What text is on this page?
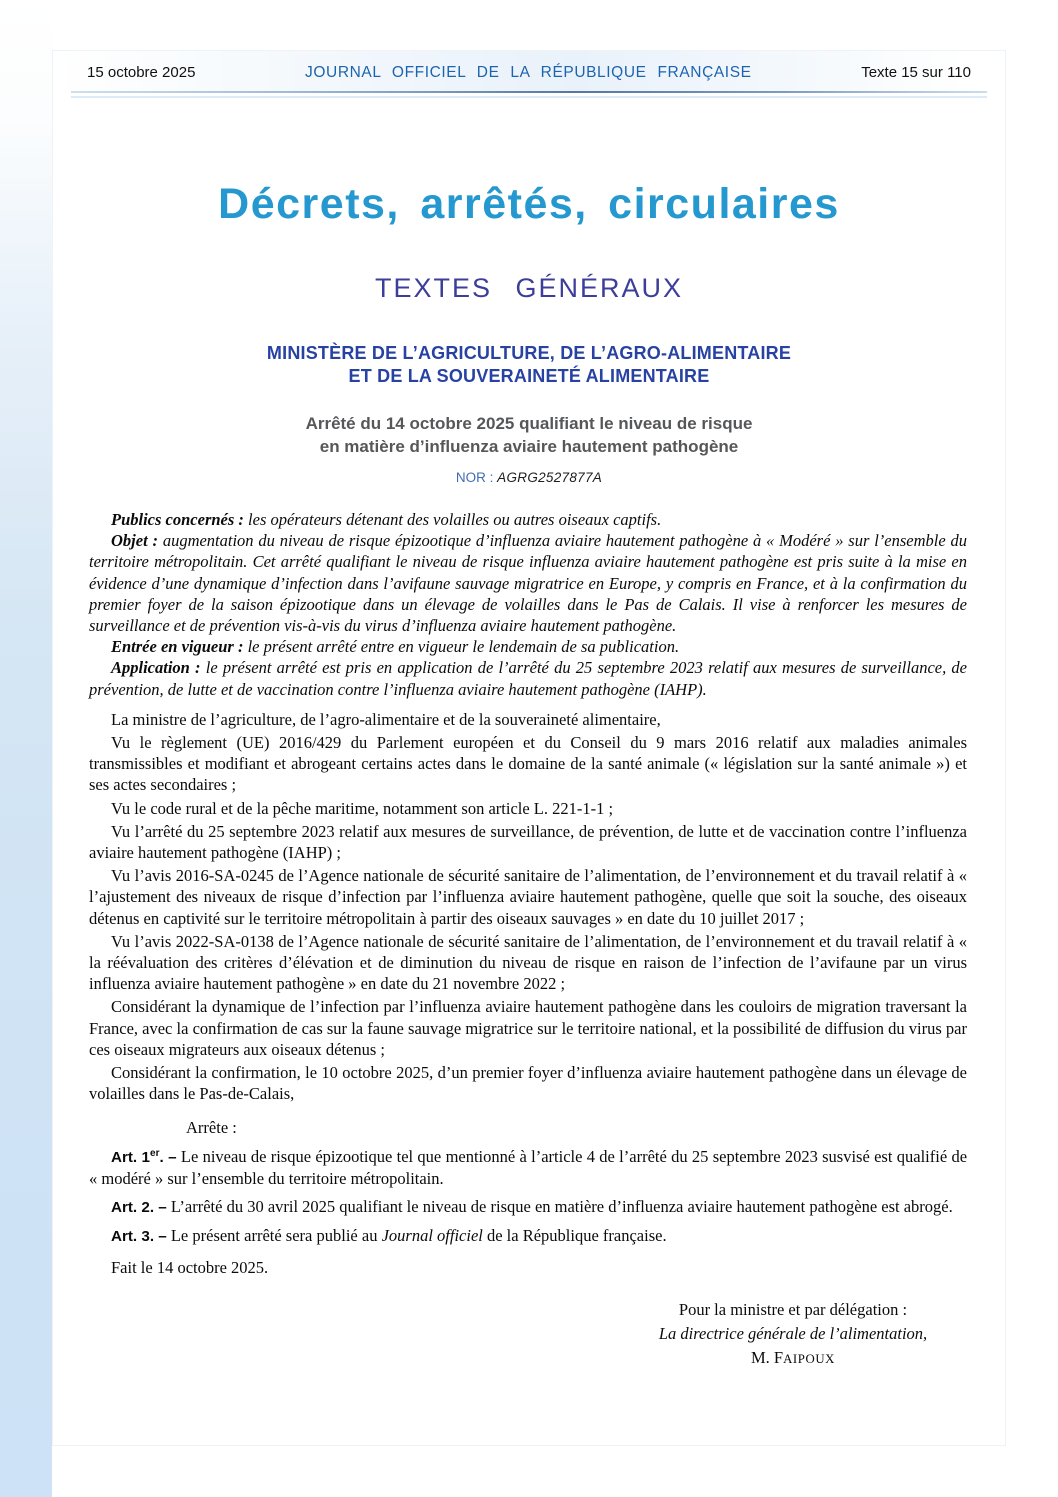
15 octobre 2025	JOURNAL OFFICIEL DE LA RÉPUBLIQUE FRANÇAISE	Texte 15 sur 110
Décrets, arrêtés, circulaires
TEXTES GÉNÉRAUX
MINISTÈRE DE L’AGRICULTURE, DE L’AGRO-ALIMENTAIRE
ET DE LA SOUVERAINETÉ ALIMENTAIRE
Arrêté du 14 octobre 2025 qualifiant le niveau de risque
en matière d’influenza aviaire hautement pathogène
NOR : AGRG2527877A

Publics concernés : les opérateurs détenant des volailles ou autres oiseaux captifs.

Objet : augmentation du niveau de risque épizootique d’influenza aviaire hautement pathogène à « Modéré » sur l’ensemble du territoire métropolitain. Cet arrêté qualifiant le niveau de risque influenza aviaire hautement pathogène est pris suite à la mise en évidence d’une dynamique d’infection dans l’avifaune sauvage migratrice en Europe, y compris en France, et à la confirmation du premier foyer de la saison épizootique dans un élevage de volailles dans le Pas de Calais. Il vise à renforcer les mesures de surveillance et de prévention vis-à-vis du virus d’influenza aviaire hautement pathogène.

Entrée en vigueur : le présent arrêté entre en vigueur le lendemain de sa publication.

Application : le présent arrêté est pris en application de l’arrêté du 25 septembre 2023 relatif aux mesures de surveillance, de prévention, de lutte et de vaccination contre l’influenza aviaire hautement pathogène (IAHP).

La ministre de l’agriculture, de l’agro-alimentaire et de la souveraineté alimentaire,

Vu le règlement (UE) 2016/429 du Parlement européen et du Conseil du 9 mars 2016 relatif aux maladies animales transmissibles et modifiant et abrogeant certains actes dans le domaine de la santé animale (« législation sur la santé animale ») et ses actes secondaires ;

Vu le code rural et de la pêche maritime, notamment son article L. 221-1-1 ;

Vu l’arrêté du 25 septembre 2023 relatif aux mesures de surveillance, de prévention, de lutte et de vaccination contre l’influenza aviaire hautement pathogène (IAHP) ;

Vu l’avis 2016-SA-0245 de l’Agence nationale de sécurité sanitaire de l’alimentation, de l’environnement et du travail relatif à « l’ajustement des niveaux de risque d’infection par l’influenza aviaire hautement pathogène, quelle que soit la souche, des oiseaux détenus en captivité sur le territoire métropolitain à partir des oiseaux sauvages » en date du 10 juillet 2017 ;

Vu l’avis 2022-SA-0138 de l’Agence nationale de sécurité sanitaire de l’alimentation, de l’environnement et du travail relatif à « la réévaluation des critères d’élévation et de diminution du niveau de risque en raison de l’infection de l’avifaune par un virus influenza aviaire hautement pathogène » en date du 21 novembre 2022 ;

Considérant la dynamique de l’infection par l’influenza aviaire hautement pathogène dans les couloirs de migration traversant la France, avec la confirmation de cas sur la faune sauvage migratrice sur le territoire national, et la possibilité de diffusion du virus par ces oiseaux migrateurs aux oiseaux détenus ;

Considérant la confirmation, le 10 octobre 2025, d’un premier foyer d’influenza aviaire hautement pathogène dans un élevage de volailles dans le Pas-de-Calais,

Arrête :

Art. 1er. – Le niveau de risque épizootique tel que mentionné à l’article 4 de l’arrêté du 25 septembre 2023 susvisé est qualifié de « modéré » sur l’ensemble du territoire métropolitain.

Art. 2. – L’arrêté du 30 avril 2025 qualifiant le niveau de risque en matière d’influenza aviaire hautement pathogène est abrogé.

Art. 3. – Le présent arrêté sera publié au Journal officiel de la République française.

Fait le 14 octobre 2025.

Pour la ministre et par délégation :
La directrice générale de l’alimentation,
M. FAIPOUX
